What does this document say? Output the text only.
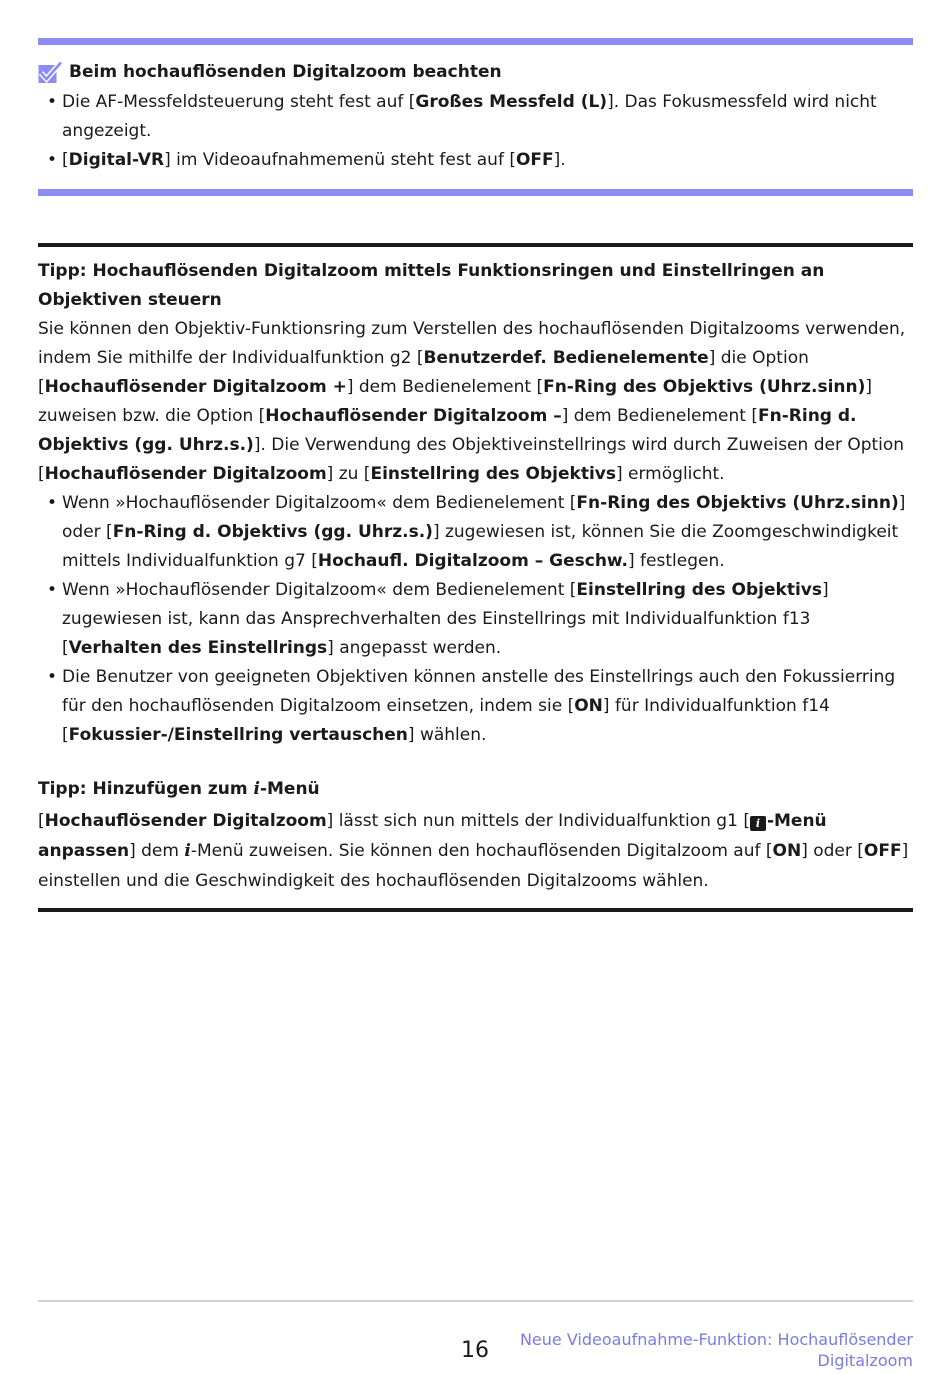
Beim hochauflösenden Digitalzoom beachten
• Die AF-Messfeldsteuerung steht fest auf [Großes Messfeld (L)]. Das Fokusmessfeld wird nicht angezeigt.
• [Digital-VR] im Videoaufnahmemenü steht fest auf [OFF].
Tipp: Hochauflösenden Digitalzoom mittels Funktionsringen und Einstellringen an Objektiven steuern
Sie können den Objektiv-Funktionsring zum Verstellen des hochauflösenden Digitalzooms verwenden, indem Sie mithilfe der Individualfunktion g2 [Benutzerdef. Bedienelemente] die Option [Hochauflösender Digitalzoom +] dem Bedienelement [Fn-Ring des Objektivs (Uhrz.sinn)] zuweisen bzw. die Option [Hochauflösender Digitalzoom –] dem Bedienelement [Fn-Ring d. Objektivs (gg. Uhrz.s.)]. Die Verwendung des Objektiveinstellrings wird durch Zuweisen der Option [Hochauflösender Digitalzoom] zu [Einstellring des Objektivs] ermöglicht.
• Wenn »Hochauflösender Digitalzoom« dem Bedienelement [Fn-Ring des Objektivs (Uhrz.sinn)] oder [Fn-Ring d. Objektivs (gg. Uhrz.s.)] zugewiesen ist, können Sie die Zoomgeschwindigkeit mittels Individualfunktion g7 [Hochaufl. Digitalzoom – Geschw.] festlegen.
• Wenn »Hochauflösender Digitalzoom« dem Bedienelement [Einstellring des Objektivs] zugewiesen ist, kann das Ansprechverhalten des Einstellrings mit Individualfunktion f13 [Verhalten des Einstellrings] angepasst werden.
• Die Benutzer von geeigneten Objektiven können anstelle des Einstellrings auch den Fokussierring für den hochauflösenden Digitalzoom einsetzen, indem sie [ON] für Individualfunktion f14 [Fokussier-/Einstellring vertauschen] wählen.
Tipp: Hinzufügen zum i-Menü
[Hochauflösender Digitalzoom] lässt sich nun mittels der Individualfunktion g1 [ i -Menü anpassen] dem i-Menü zuweisen. Sie können den hochauflösenden Digitalzoom auf [ON] oder [OFF] einstellen und die Geschwindigkeit des hochauflösenden Digitalzooms wählen.
16	Neue Videoaufnahme-Funktion: Hochauflösender Digitalzoom
